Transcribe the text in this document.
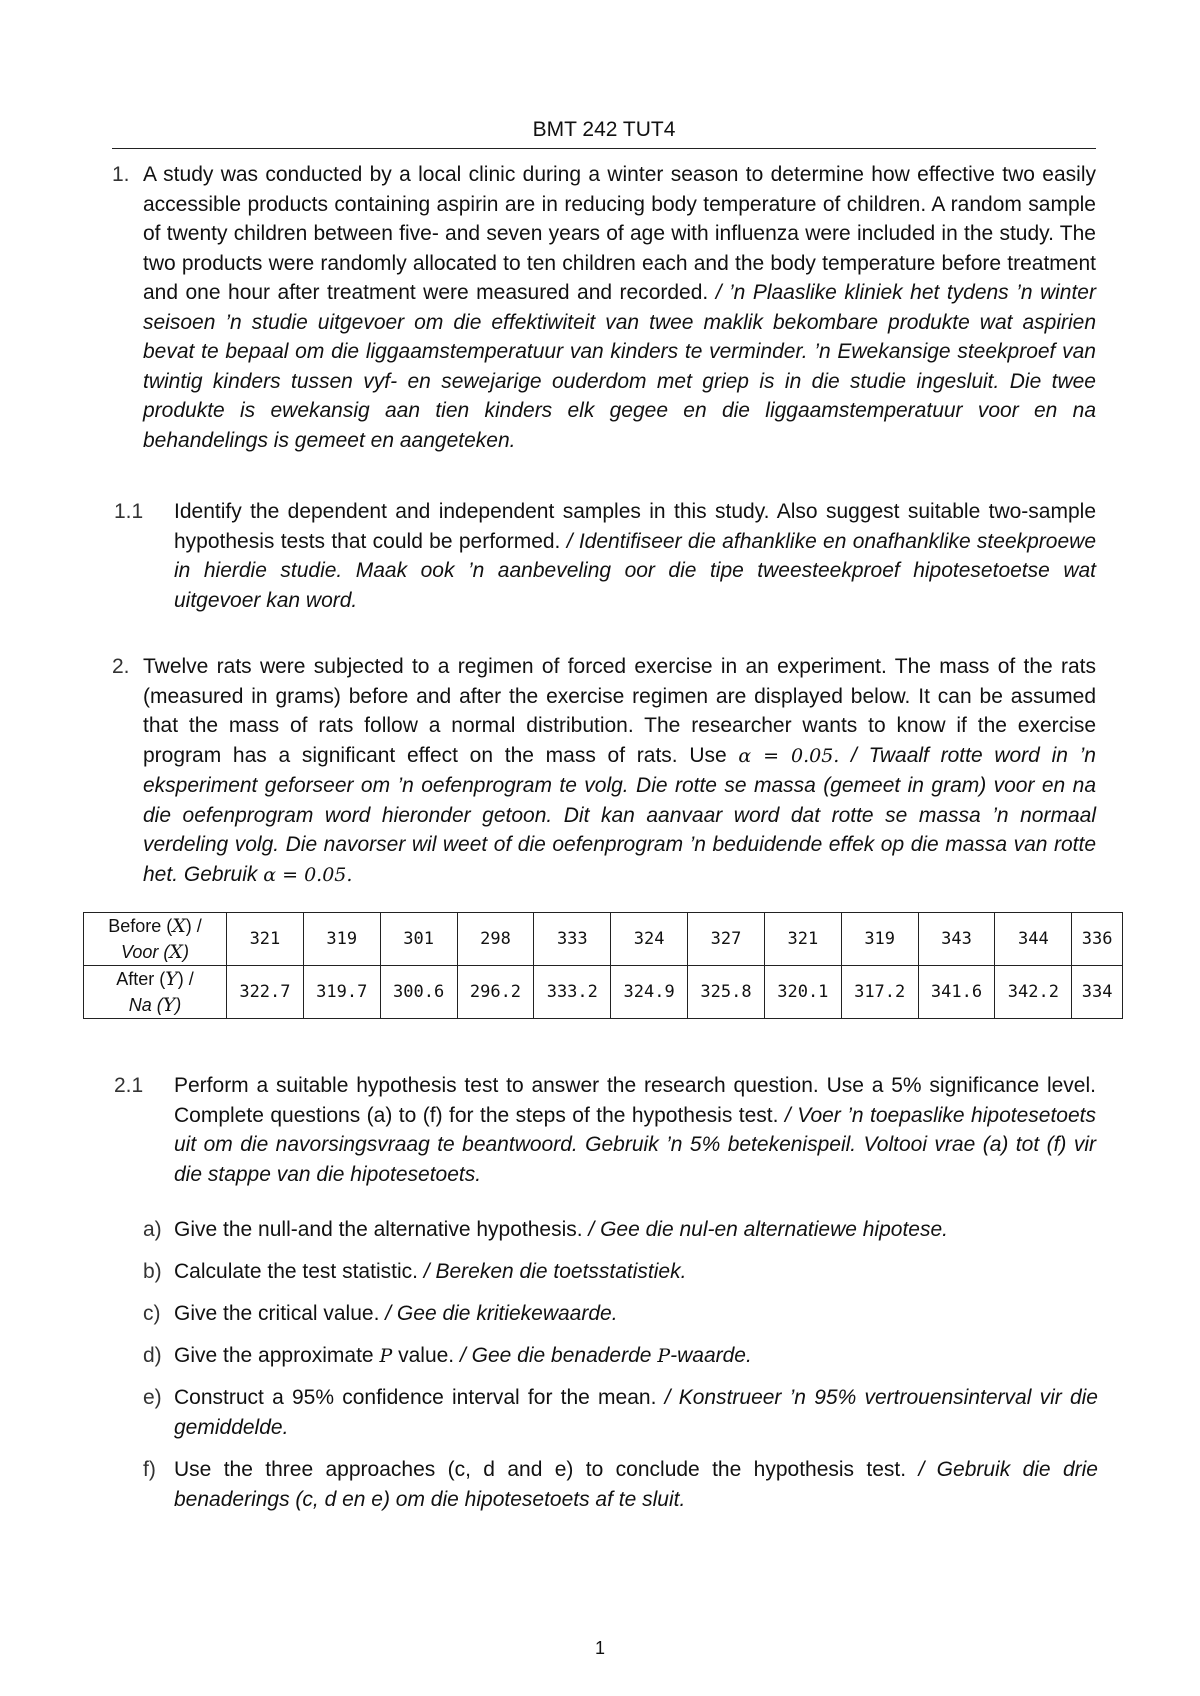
BMT 242 TUT4
1. A study was conducted by a local clinic during a winter season to determine how effective two easily accessible products containing aspirin are in reducing body temperature of children. A random sample of twenty children between five- and seven years of age with influenza were included in the study. The two products were randomly allocated to ten children each and the body temperature before treatment and one hour after treatment were measured and recorded. / ’n Plaaslike kliniek het tydens ’n winter seisoen ’n studie uitgevoer om die effektiwiteit van twee maklik bekombare produkte wat aspirien bevat te bepaal om die liggaamstemperatuur van kinders te verminder. ’n Ewekansige steekproef van twintig kinders tussen vyf- en sewejarige ouderdom met griep is in die studie ingesluit. Die twee produkte is ewekansig aan tien kinders elk gegee en die liggaamstemperatuur voor en na behandelings is gemeet en aangeteken.
1.1 Identify the dependent and independent samples in this study. Also suggest suitable two-sample hypothesis tests that could be performed. / Identifiseer die afhanklike en onafhanklike steekproewe in hierdie studie. Maak ook ’n aanbeveling oor die tipe tweesteekproef hipotesetoetse wat uitgevoer kan word.
2. Twelve rats were subjected to a regimen of forced exercise in an experiment. The mass of the rats (measured in grams) before and after the exercise regimen are displayed below. It can be assumed that the mass of rats follow a normal distribution. The researcher wants to know if the exercise program has a significant effect on the mass of rats. Use α = 0.05. / Twaalf rotte word in ’n eksperiment geforseer om ’n oefenprogram te volg. Die rotte se massa (gemeet in gram) voor en na die oefenprogram word hieronder getoon. Dit kan aanvaar word dat rotte se massa ’n normaal verdeling volg. Die navorser wil weet of die oefenprogram ’n beduidende effek op die massa van rotte het. Gebruik α = 0.05.
Before (X) /
Voor (X)	321	319	301	298	333	324	327	321	319	343	344	336
After (Y) /
Na (Y)	322.7	319.7	300.6	296.2	333.2	324.9	325.8	320.1	317.2	341.6	342.2	334
2.1 Perform a suitable hypothesis test to answer the research question. Use a 5% significance level. Complete questions (a) to (f) for the steps of the hypothesis test. / Voer ’n toepaslike hipotesetoets uit om die navorsingsvraag te beantwoord. Gebruik ’n 5% betekenispeil. Voltooi vrae (a) tot (f) vir die stappe van die hipotesetoets.
a) Give the null-and the alternative hypothesis. / Gee die nul-en alternatiewe hipotese.
b) Calculate the test statistic. / Bereken die toetsstatistiek.
c) Give the critical value. / Gee die kritiekewaarde.
d) Give the approximate P value. / Gee die benaderde P-waarde.
e) Construct a 95% confidence interval for the mean. / Konstrueer ’n 95% vertrouensinterval vir die gemiddelde.
f) Use the three approaches (c, d and e) to conclude the hypothesis test. / Gebruik die drie benaderings (c, d en e) om die hipotesetoets af te sluit.
1
